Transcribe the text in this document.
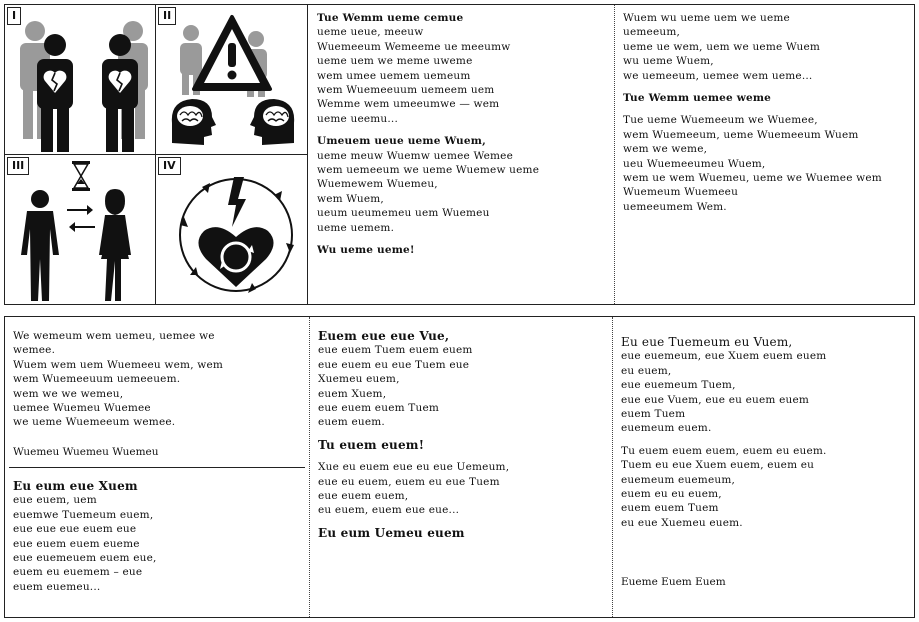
I	II
III	IV
Tue Wemm ueme cemue
ueme ueue, meeuw
Wuemeeum Wemeeme ue meeumw
ueme uem we meme uweme
wem umee uemem uemeum
wem Wuemeeuum uemeem uem
Wemme wem umeeumwe — wem
ueme ueemu...
Umeuem ueue ueme Wuem,
ueme meuw Wuemw uemee Wemee
wem uemeeum we ueme Wuemew ueme
Wuemewem Wuemeu,
wem Wuem,
ueum ueumemeu uem Wuemeu
ueme uemem.
Wu ueme ueme!
Wuem wu ueme uem we ueme
uemeeum,
ueme ue wem, uem we ueme Wuem
wu ueme Wuem,
we uemeeum, uemee wem ueme...
Tue Wemm uemee weme
Tue ueme Wuemeeum we Wuemee,
wem Wuemeeum, ueme Wuemeeum Wuem
wem we weme,
ueu Wuemeeumeu Wuem,
wem ue wem Wuemeu, ueme we Wuemee wem
Wuemeum Wuemeeu
uemeeumem Wem.
We wemeum wem uemeu, uemee we
wemee.
Wuem wem uem Wuemeeu wem, wem
wem Wuemeeuum uemeeuem.
wem we we wemeu,
uemee Wuemeu Wuemee
we ueme Wuemeeum wemee.
Wuemeu Wuemeu Wuemeu
Eu eum eue Xuem
eue euem, uem
euemwe Tuemeum euem,
eue eue eue euem eue
eue euem euem eueme
eue euemeuem euem eue,
euem eu euemem – eue
euem euemeu...
Euem eue eue Vue,
eue euem Tuem euem euem
eue euem eu eue Tuem eue
Xuemeu euem,
euem Xuem,
eue euem euem Tuem
euem euem.
Tu euem euem!
Xue eu euem eue eu eue Uemeum,
eue eu euem, euem eu eue Tuem
eue euem euem,
eu euem, euem eue eue...
Eu eum Uemeu euem
Eu eue Tuemeum eu Vuem,
eue euemeum, eue Xuem euem euem
eu euem,
eue euemeum Tuem,
eue eue Vuem, eue eu euem euem
euem Tuem
euemeum euem.
Tu euem euem euem, euem eu euem.
Tuem eu eue Xuem euem, euem eu
euemeum euemeum,
euem eu eu euem,
euem euem Tuem
eu eue Xuemeu euem.
Eueme Euem Euem
